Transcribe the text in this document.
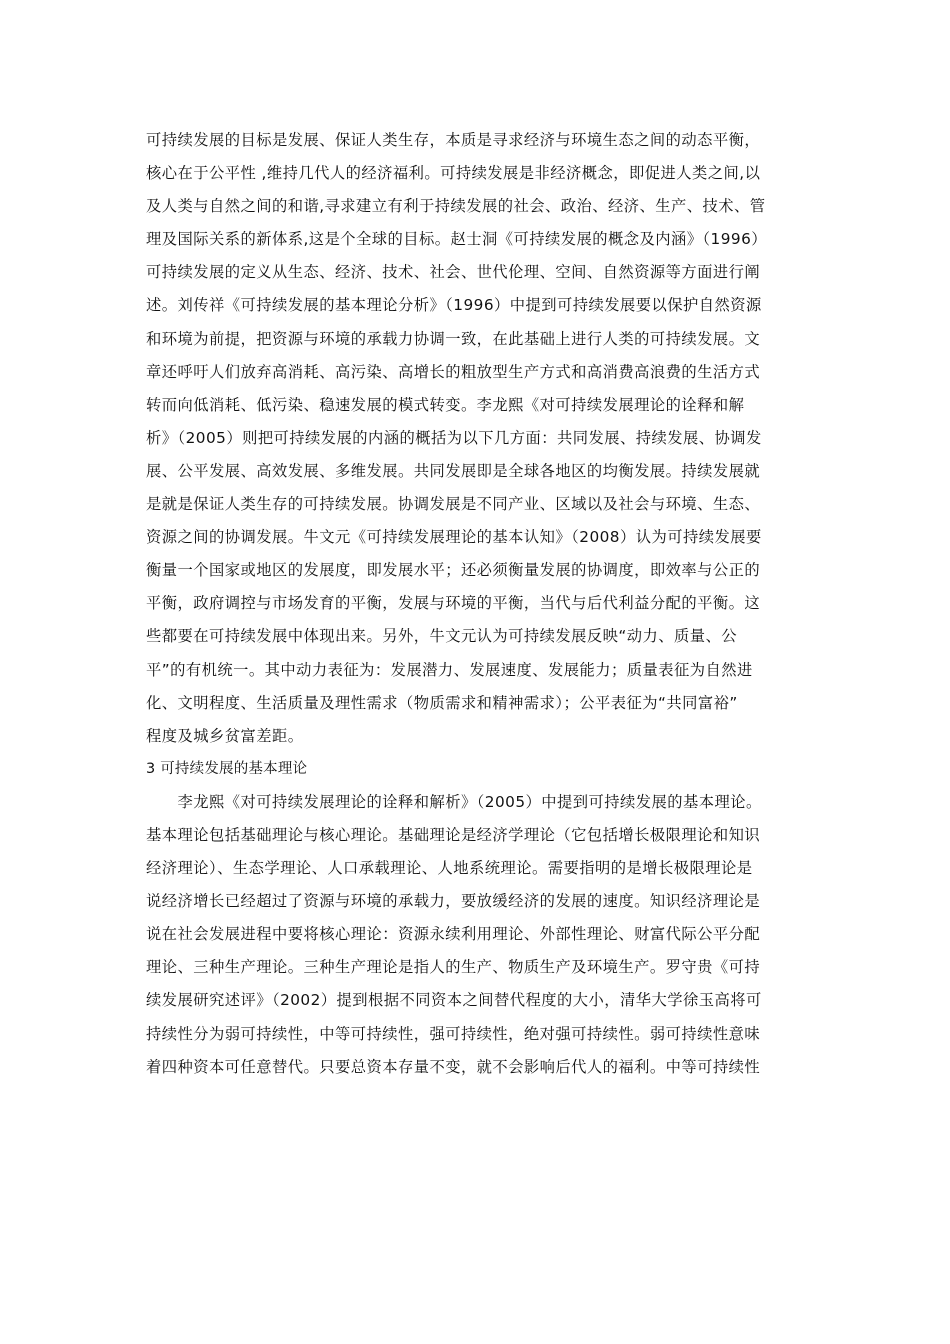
可持续发展的目标是发展、保证人类生存，本质是寻求经济与环境生态之间的动态平衡，
核心在于公平性 ,维持几代人的经济福利。可持续发展是非经济概念，即促进人类之间,以
及人类与自然之间的和谐,寻求建立有利于持续发展的社会、政治、经济、生产、技术、管
理及国际关系的新体系,这是个全球的目标。赵士洞《可持续发展的概念及内涵》（1996）
可持续发展的定义从生态、经济、技术、社会、世代伦理、空间、自然资源等方面进行阐
述。刘传祥《可持续发展的基本理论分析》（1996）中提到可持续发展要以保护自然资源
和环境为前提，把资源与环境的承载力协调一致，在此基础上进行人类的可持续发展。文
章还呼吁人们放弃高消耗、高污染、高增长的粗放型生产方式和高消费高浪费的生活方式
转而向低消耗、低污染、稳速发展的模式转变。李龙熙《对可持续发展理论的诠释和解
析》（2005）则把可持续发展的内涵的概括为以下几方面：共同发展、持续发展、协调发
展、公平发展、高效发展、多维发展。共同发展即是全球各地区的均衡发展。持续发展就
是就是保证人类生存的可持续发展。协调发展是不同产业、区域以及社会与环境、生态、
资源之间的协调发展。牛文元《可持续发展理论的基本认知》（2008）认为可持续发展要
衡量一个国家或地区的发展度，即发展水平；还必须衡量发展的协调度，即效率与公正的
平衡，政府调控与市场发育的平衡，发展与环境的平衡，当代与后代利益分配的平衡。这
些都要在可持续发展中体现出来。另外，牛文元认为可持续发展反映“动力、质量、公
平”的有机统一。其中动力表征为：发展潜力、发展速度、发展能力；质量表征为自然进
化、文明程度、生活质量及理性需求（物质需求和精神需求）；公平表征为“共同富裕”
程度及城乡贫富差距。
3 可持续发展的基本理论
　　李龙熙《对可持续发展理论的诠释和解析》（2005）中提到可持续发展的基本理论。
基本理论包括基础理论与核心理论。基础理论是经济学理论（它包括增长极限理论和知识
经济理论）、生态学理论、人口承载理论、人地系统理论。需要指明的是增长极限理论是
说经济增长已经超过了资源与环境的承载力，要放缓经济的发展的速度。知识经济理论是
说在社会发展进程中要将核心理论：资源永续利用理论、外部性理论、财富代际公平分配
理论、三种生产理论。三种生产理论是指人的生产、物质生产及环境生产。罗守贵《可持
续发展研究述评》（2002）提到根据不同资本之间替代程度的大小，清华大学徐玉高将可
持续性分为弱可持续性，中等可持续性，强可持续性，绝对强可持续性。弱可持续性意味
着四种资本可任意替代。只要总资本存量不变，就不会影响后代人的福利。中等可持续性
